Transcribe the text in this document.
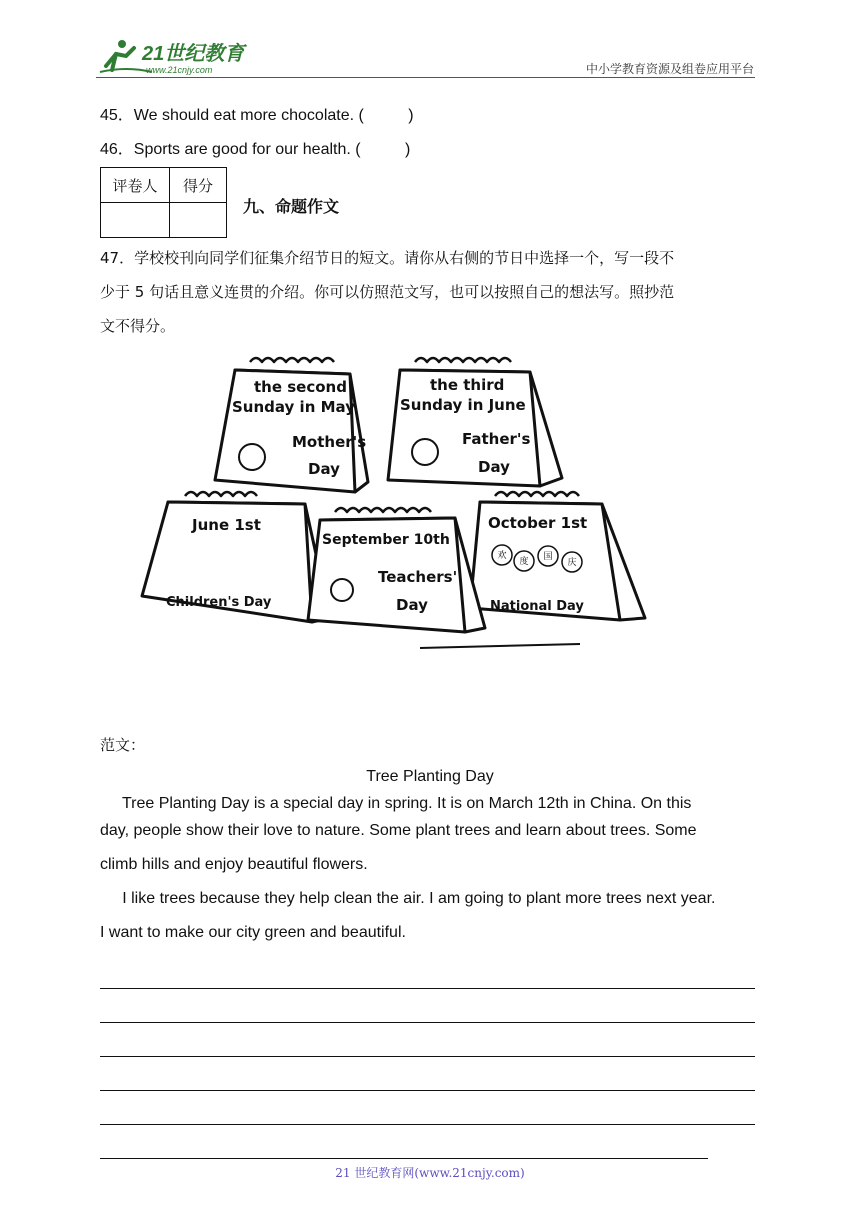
21世纪教育
www.21cnjy.com	中小学教育资源及组卷应用平台
45．We should eat more chocolate. (          )
46．Sports are good for our health. (          )
评卷人	得分

九、命题作文
47．学校校刊向同学们征集介绍节日的短文。请你从右侧的节日中选择一个，写一段不
少于 5 句话且意义连贯的介绍。你可以仿照范文写，也可以按照自己的想法写。照抄范
文不得分。
欢
度 国
庆
the second
Sunday in May
Mother's
Day
the third
Sunday in June
Father's
Day
June 1st
Children's Day
September 10th
Teachers'
Day
October 1st
National Day
范文：
Tree Planting Day
Tree Planting Day is a special day in spring. It is on March 12th in China. On this
day, people show their love to nature. Some plant trees and learn about trees. Some
climb hills and enjoy beautiful flowers.
I like trees because they help clean the air. I am going to plant more trees next year.
I want to make our city green and beautiful.
21 世纪教育网(www.21cnjy.com)
